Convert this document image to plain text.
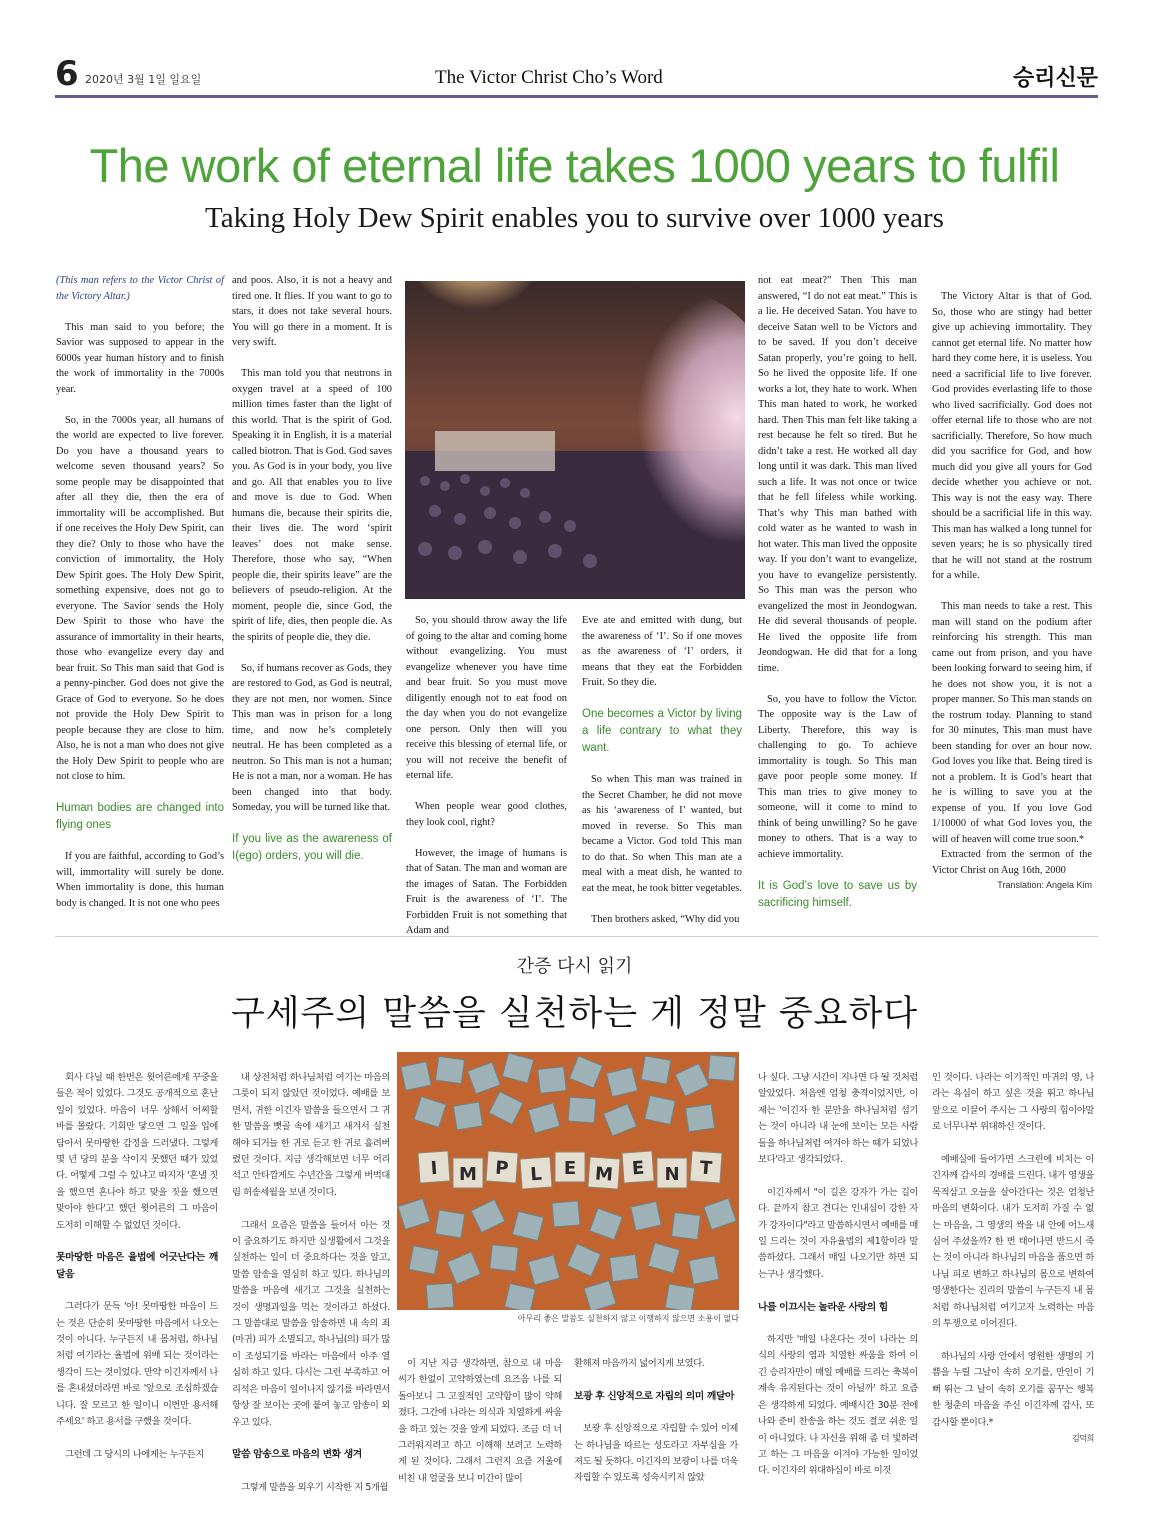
6 2020년 3월 1일 일요일	The Victor Christ Cho’s Word	승리신문
The work of eternal life takes 1000 years to fulfil
Taking Holy Dew Spirit enables you to survive over 1000 years

(This man refers to the Victor Christ of the Victory Altar.)

This man said to you before; the Savior was supposed to appear in the 6000s year human history and to finish the work of immortality in the 7000s year.

So, in the 7000s year, all humans of the world are expected to live forever. Do you have a thousand years to welcome seven thousand years? So some people may be disappointed that after all they die, then the era of immortality will be accomplished. But if one receives the Holy Dew Spirit, can they die? Only to those who have the conviction of immortality, the Holy Dew Spirit goes. The Holy Dew Spirit, something expensive, does not go to everyone. The Savior sends the Holy Dew Spirit to those who have the assurance of immortality in their hearts, those who evangelize every day and bear fruit. So This man said that God is a penny-pincher. God does not give the Grace of God to everyone. So he does not provide the Holy Dew Spirit to people because they are close to him. Also, he is not a man who does not give the Holy Dew Spirit to people who are not close to him.

Human bodies are changed into flying ones

If you are faithful, according to God’s will, immortality will surely be done. When immortality is done, this human body is changed. It is not one who pees

and poos. Also, it is not a heavy and tired one. It flies. If you want to go to stars, it does not take several hours. You will go there in a moment. It is very swift.

This man told you that neutrons in oxygen travel at a speed of 100 million times faster than the light of this world. That is the spirit of God. Speaking it in English, it is a material called biotron. That is God. God saves you. As God is in your body, you live and go. All that enables you to live and move is due to God. When humans die, because their spirits die, their lives die. The word ‘spirit leaves’ does not make sense. Therefore, those who say, “When people die, their spirits leave” are the believers of pseudo-religion. At the moment, people die, since God, the spirit of life, dies, then people die. As the spirits of people die, they die.

So, if humans recover as Gods, they are restored to God, as God is neutral, they are not men, nor women. Since This man was in prison for a long time, and now he’s completely neutral. He has been completed as a neutron. So This man is not a human; He is not a man, nor a woman. He has been changed into that body. Someday, you will be turned like that.

If you live as the awareness of I(ego) orders, you will die.

So, you should throw away the life of going to the altar and coming home without evangelizing. You must evangelize whenever you have time and bear fruit. So you must move diligently enough not to eat food on the day when you do not evangelize one person. Only then will you receive this blessing of eternal life, or you will not receive the benefit of eternal life.

When people wear good clothes, they look cool, right?

However, the image of humans is that of Satan. The man and woman are the images of Satan. The Forbidden Fruit is the awareness of ‘I’. The Forbidden Fruit is not something that Adam and

Eve ate and emitted with dung, but the awareness of ‘I’. So if one moves as the awareness of ‘I’ orders, it means that they eat the Forbidden Fruit. So they die.

One becomes a Victor by living a life contrary to what they want.

So when This man was trained in the Secret Chamber, he did not move as his ‘awareness of I’ wanted, but moved in reverse. So This man became a Victor. God told This man to do that. So when This man ate a meal with a meat dish, he wanted to eat the meat, he took bitter vegetables.

Then brothers asked, “Why did you

not eat meat?” Then This man answered, “I do not eat meat.” This is a lie. He deceived Satan. You have to deceive Satan well to be Victors and to be saved. If you don’t deceive Satan properly, you’re going to hell. So he lived the opposite life. If one works a lot, they hate to work. When This man hated to work, he worked hard. Then This man felt like taking a rest because he felt so tired. But he didn’t take a rest. He worked all day long until it was dark. This man lived such a life. It was not once or twice that he fell lifeless while working. That’s why This man bathed with cold water as he wanted to wash in hot water. This man lived the opposite way. If you don’t want to evangelize, you have to evangelize persistently. So This man was the person who evangelized the most in Jeondogwan. He did several thousands of people. He lived the opposite life from Jeondogwan. He did that for a long time.

So, you have to follow the Victor. The opposite way is the Law of Liberty. Therefore, this way is challenging to go. To achieve immortality is tough. So This man gave poor people some money. If This man tries to give money to someone, will it come to mind to think of being unwilling? So he gave money to others. That is a way to achieve immortality.

It is God’s love to save us by sacrificing himself.

The Victory Altar is that of God. So, those who are stingy had better give up achieving immortality. They cannot get eternal life. No matter how hard they come here, it is useless. You need a sacrificial life to live forever. God provides everlasting life to those who lived sacrificially. God does not offer eternal life to those who are not sacrificially. Therefore, So how much did you sacrifice for God, and how much did you give all yours for God decide whether you achieve or not. This way is not the easy way. There should be a sacrificial life in this way. This man has walked a long tunnel for seven years; he is so physically tired that he will not stand at the rostrum for a while.

This man needs to take a rest. This man will stand on the podium after reinforcing his strength. This man came out from prison, and you have been looking forward to seeing him, if he does not show you, it is not a proper manner. So This man stands on the rostrum today. Planning to stand for 30 minutes, This man must have been standing for over an hour now. God loves you like that. Being tired is not a problem. It is God’s heart that he is willing to save you at the expense of you. If you love God 1/10000 of what God loves you, the will of heaven will come true soon.*

Extracted from the sermon of the Victor Christ on Aug 16th, 2000

Translation: Angela Kim
간증 다시 읽기
구세주의 말씀을 실천하는 게 정말 중요하다

회사 다닐 때 한번은 윗어른에게 꾸중을 들은 적이 있었다. 그것도 공개적으로 혼난 일이 있었다. 마음이 너무 상해서 어찌할 바를 몰랐다. 기회만 닿으면 그 일을 입에 담아서 못마땅한 감정을 드러냈다. 그렇게 몇 년 당의 분을 삭이지 못했던 때가 있었다. 어떻게 그럴 수 있냐고 따지자 '혼낼 짓을 했으면 혼나야 하고 맞을 짓을 했으면 맞아야 한다'고 했던 윗어른의 그 마음이 도저히 이해할 수 없었던 것이다.

못마땅한 마음은 율법에 어긋난다는 깨달음

그러다가 문득 '아! 못마땅한 마음이 드는 것은 단순히 못마땅한 마음에서 나오는 것이 아니다. 누구든지 내 몸처럼, 하나님처럼 여기라는 율법에 위배 되는 것이라는 생각이 드는 것이었다. 만약 이긴자께서 나를 혼내셨더라면 바로 '앞으로 조심하겠습니다. 잘 모르고 한 일이니 이번만 용서해주세요' 하고 용서를 구했을 것이다.

그런데 그 당시의 나에게는 누구든지

내 상전처럼 하나님처럼 여기는 마음의 그릇이 되지 않았던 것이었다. 예배를 보면서, 귀한 이긴자 말씀을 들으면서 그 귀한 말씀을 뼛골 속에 새기고 새겨서 실천해야 되거늘 한 귀로 듣고 한 귀로 흘려버렸던 것이다. 지금 생각해보면 너무 어리석고 안타깝게도 수년간을 그렇게 버벅대림 허송세월을 보낸 것이다.

그래서 요즘은 말씀을 들어서 아는 것이 중요하기도 하지만 실생활에서 그것을 실천하는 일이 더 중요하다는 것을 알고, 말씀 암송을 열심히 하고 있다. 하나님의 말씀을 마음에 새기고 그것을 실천하는 것이 생명과일을 먹는 것이라고 하셨다. 그 말씀대로 말씀을 암송하면 내 속의 죄(마귀) 피가 소멸되고, 하나님(의) 피가 많이 조성되기를 바라는 마음에서 아주 열심히 하고 있다. 다시는 그런 부족하고 어리석은 마음이 일어나지 않기를 바라면서 항상 잘 보이는 곳에 붙여 놓고 암송이 외우고 있다.

말씀 암송으로 마음의 변화 생겨

그렇게 말씀을 외우기 시작한 지 5개월

I M P L E M E N T
아무리 좋은 말씀도 실천하지 않고 이행하지 않으면 소용이 없다

이 지난 지금 생각하면, 참으로 내 마음씨가 한없이 고약하였는데 요즈음 나를 되돌아보니 그 고질적인 고약함이 많이 약해졌다. 그간에 나라는 의식과 치열하게 싸움을 하고 있는 것을 알게 되었다. 조금 더 너그러워지려고 하고 이해해 보려고 노력하게 된 것이다. 그래서 그런지 요즘 거울에 비친 내 얼굴을 보니 미간이 많이

환해져 마음까지 넓어지게 보였다.

보광 후 신앙적으로 자립의 의미 깨달아

보광 후 신앙적으로 자립할 수 있어 이제는 하나님을 따르는 성도라고 자부심을 가져도 될 듯하다. 이긴자의 보광이 나를 더욱 자립할 수 있도록 성숙시키지 않았

나 싶다. 그냥 시간이 지나면 다 될 것처럼 알았었다. 처음엔 엄청 충격이었지만, 이제는 '이긴자 한 분만을 하나님처럼 섬기는 것이 아니라 내 눈에 보이는 모든 사람들을 하나님처럼 여겨야 하는 때가 되었나보다'라고 생각되었다.

이긴자께서 "이 길은 강자가 가는 길이다. 끝까지 참고 견디는 인내심이 강한 자가 강자이다"라고 말씀하시면서 예배를 매일 드리는 것이 자유율법의 제1항이라 말씀하셨다. 그래서 매일 나오기만 하면 되는구나 생각했다.

나를 이끄시는 놀라운 사랑의 힘

하지만 '매일 나온다는 것이 나라는 의식의 사랑의 염과 치열한 싸움을 하여 이긴 승리자만이 매일 예배를 드리는 축복이 계속 유지된다는 것이 아닐까' 하고 요즘은 생각하게 되었다. 예배시간 30분 전에 나와 준비 찬송을 하는 것도 결코 쉬운 일이 아니었다. 나 자신을 위해 좀 더 빛하려고 하는 그 마음을 이겨야 가능한 일이었다. 이긴자의 위대하심이 바로 이것

인 것이다. 나라는 이기적인 마귀의 영, 나라는 욕심이 하고 싶은 것을 뛰고 하나님 앞으로 이끌어 주시는 그 사랑의 힘이야말로 너무나부 위대하신 것이다.

예배실에 들어가면 스크린에 비치는 이긴자께 감사의 경배를 드린다. 내가 영생을 목적삼고 오늘을 살아간다는 것은 엄청난 마음의 변화이다. 내가 도저히 가질 수 없는 마음을, 그 영생의 싹을 내 안에 어느새 심어 주셨을까? 한 번 태어나면 반드시 죽는 것이 아니라 하나님의 마음을 품으면 하나님 피로 변하고 하나님의 몸으로 변하여 영생한다는 진리의 말씀이 누구든지 내 몸처럼 하나님처럼 여기고자 노력하는 마음의 투쟁으로 이어진다.

하나님의 사랑 안에서 영원한 생명의 기쁨을 누릴 그날이 속히 오기를, 만인이 기뻐 뛰는 그 날이 속히 오기를 꿈꾸는 행복한 청춘의 마음을 주신 이긴자께 감사, 또 감사할 뿐이다.*

김덕희
